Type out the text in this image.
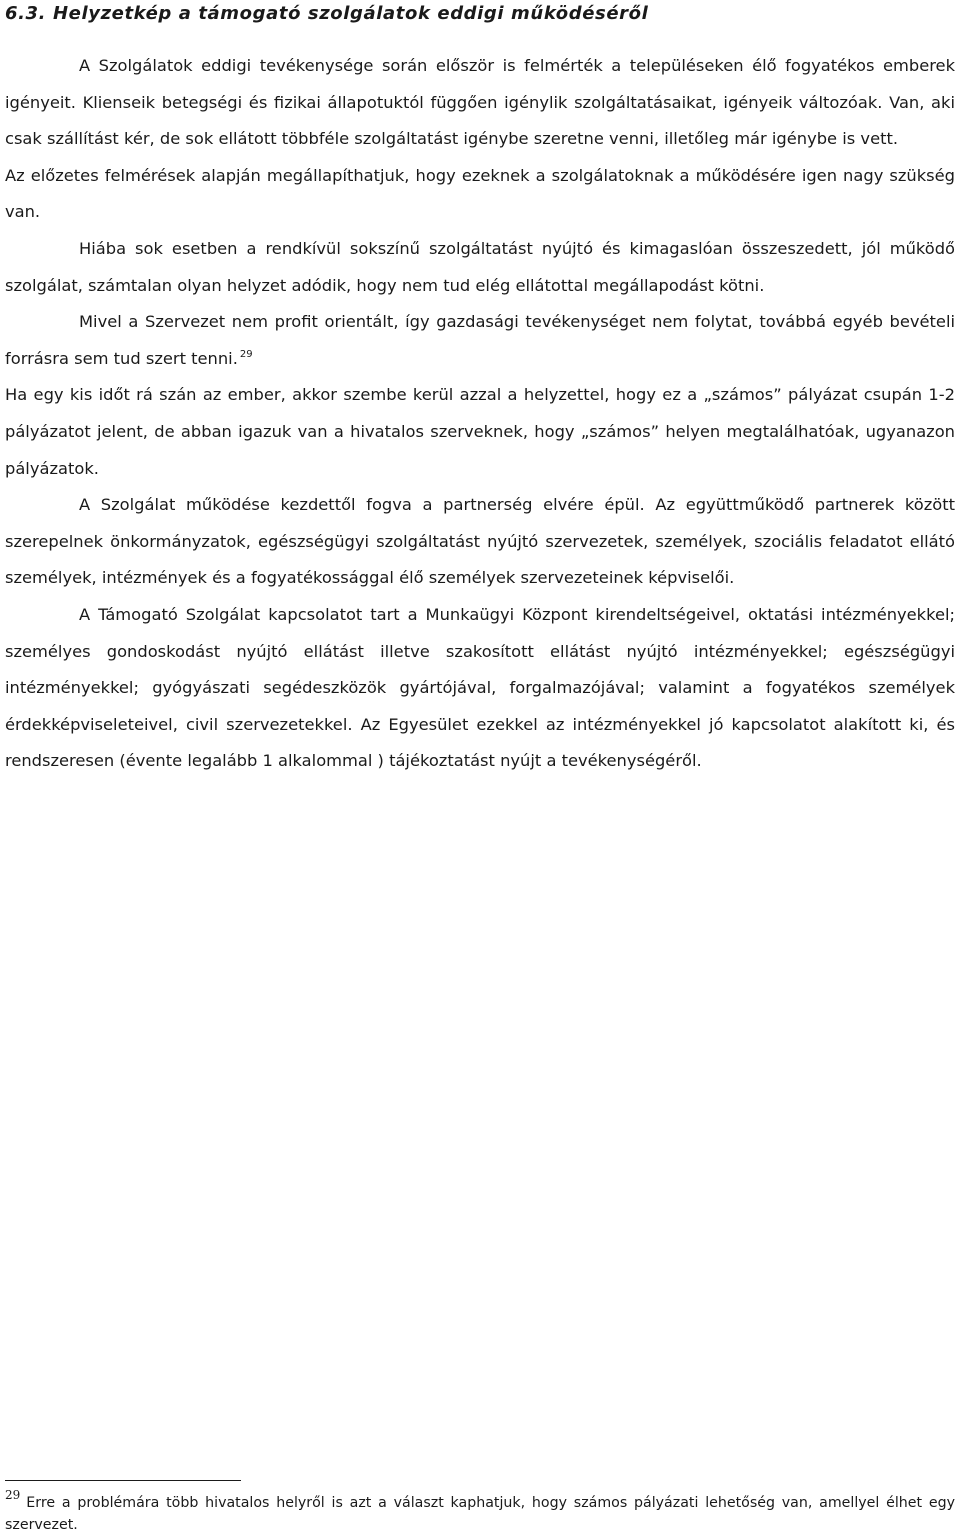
6.3. Helyzetkép a támogató szolgálatok eddigi működéséről

A Szolgálatok eddigi tevékenysége során először is felmérték a településeken élő fogyatékos emberek igényeit. Klienseik betegségi és fizikai állapotuktól függően igénylik szolgáltatásaikat, igényeik változóak. Van, aki csak szállítást kér, de sok ellátott többféle szolgáltatást igénybe szeretne venni, illetőleg már igénybe is vett.

Az előzetes felmérések alapján megállapíthatjuk, hogy ezeknek a szolgálatoknak a működésére igen nagy szükség van.

Hiába sok esetben a rendkívül sokszínű szolgáltatást nyújtó és kimagaslóan összeszedett, jól működő szolgálat, számtalan olyan helyzet adódik, hogy nem tud elég ellátottal megállapodást kötni.

Mivel a Szervezet nem profit orientált, így gazdasági tevékenységet nem folytat, továbbá egyéb bevételi forrásra sem tud szert tenni. $^{29}$

Ha egy kis időt rá szán az ember, akkor szembe kerül azzal a helyzettel, hogy ez a „számos” pályázat csupán 1-2 pályázatot jelent, de abban igazuk van a hivatalos szerveknek, hogy „számos” helyen megtalálhatóak, ugyanazon pályázatok.

A Szolgálat működése kezdettől fogva a partnerség elvére épül. Az együttműködő partnerek között szerepelnek önkormányzatok, egészségügyi szolgáltatást nyújtó szervezetek, személyek, szociális feladatot ellátó személyek, intézmények és a fogyatékossággal élő személyek szervezeteinek képviselői.

A Támogató Szolgálat kapcsolatot tart a Munkaügyi Központ kirendeltségeivel, oktatási intézményekkel; személyes gondoskodást nyújtó ellátást illetve szakosított ellátást nyújtó intézményekkel; egészségügyi intézményekkel; gyógyászati segédeszközök gyártójával, forgalmazójával; valamint a fogyatékos személyek érdekképviseleteivel, civil szervezetekkel. Az Egyesület ezekkel az intézményekkel jó kapcsolatot alakított ki, és rendszeresen (évente legalább 1 alkalommal ) tájékoztatást nyújt a tevékenységéről.

$^{29}$ Erre a problémára több hivatalos helyről is azt a választ kaphatjuk, hogy számos pályázati lehetőség van, amellyel élhet egy szervezet.
